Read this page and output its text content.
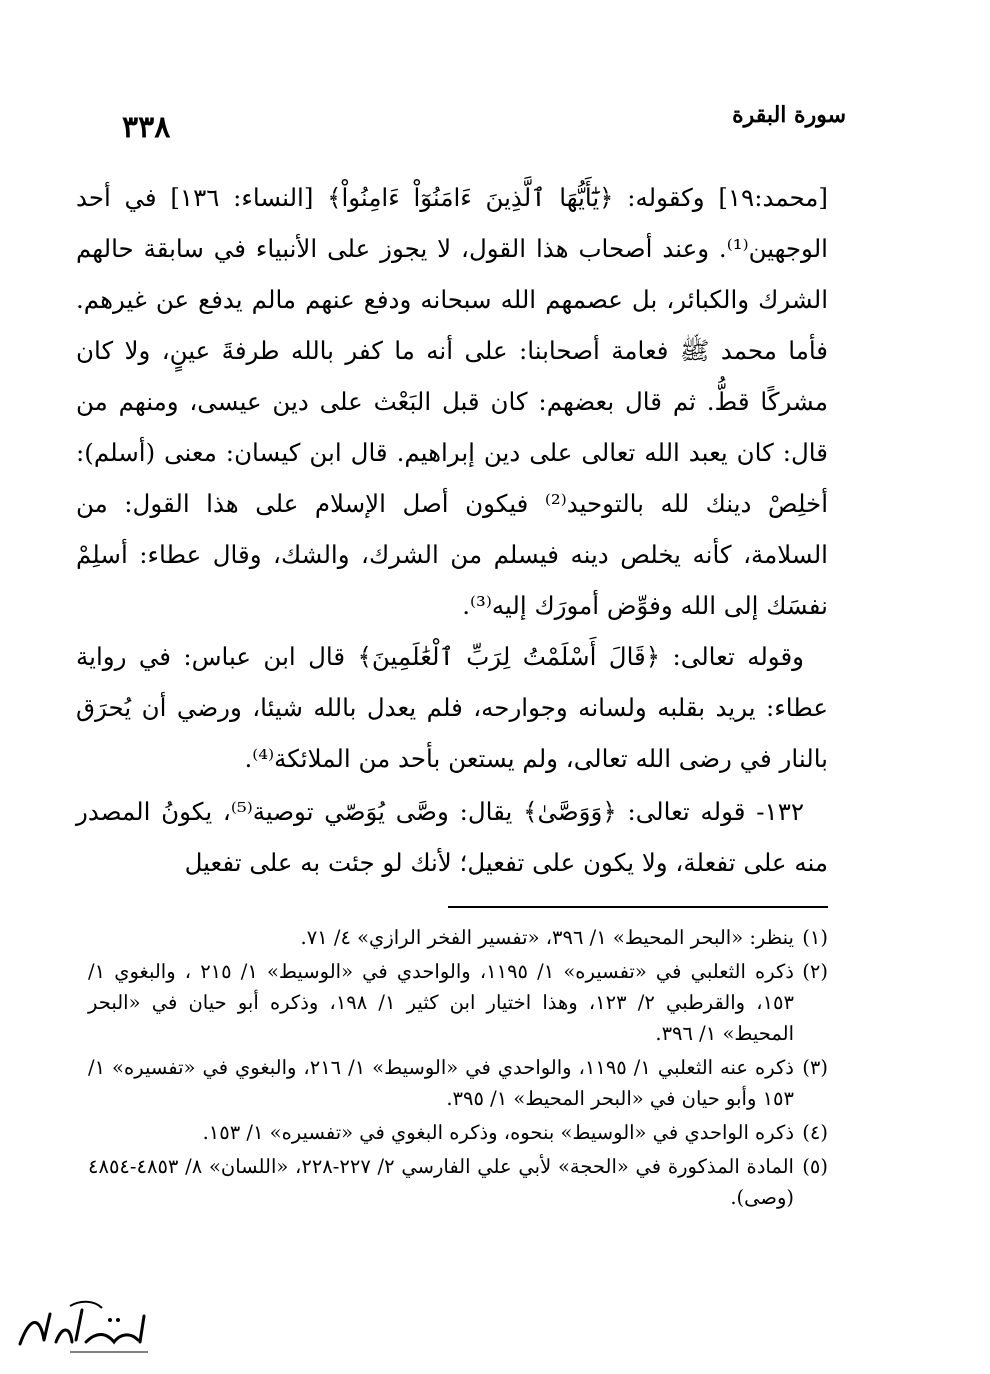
٣٣٨	سورة البقرة

[محمد:١٩] وكقوله: ﴿يَٰٓأَيُّهَا ٱلَّذِينَ ءَامَنُوٓاْ ءَامِنُواْ﴾ [النساء: ١٣٦] في أحد الوجهين⁽¹⁾. وعند أصحاب هذا القول، لا يجوز على الأنبياء في سابقة حالهم الشرك والكبائر، بل عصمهم الله سبحانه ودفع عنهم مالم يدفع عن غيرهم. فأما محمد ﷺ فعامة أصحابنا: على أنه ما كفر بالله طرفةَ عينٍ، ولا كان مشركًا قطُّ. ثم قال بعضهم: كان قبل البَعْث على دين عيسى، ومنهم من قال: كان يعبد الله تعالى على دين إبراهيم. قال ابن كيسان: معنى (أسلم): أخلِصْ دينك لله بالتوحيد⁽²⁾ فيكون أصل الإسلام على هذا القول: من السلامة، كأنه يخلص دينه فيسلم من الشرك، والشك، وقال عطاء: أسلِمْ نفسَك إلى الله وفوِّض أمورَك إليه⁽³⁾.

وقوله تعالى: ﴿قَالَ أَسْلَمْتُ لِرَبِّ ٱلْعَٰلَمِينَ﴾ قال ابن عباس: في رواية عطاء: يريد بقلبه ولسانه وجوارحه، فلم يعدل بالله شيئا، ورضي أن يُحرَق بالنار في رضى الله تعالى، ولم يستعن بأحد من الملائكة⁽⁴⁾.

١٣٢- قوله تعالى: ﴿وَوَصَّىٰ﴾ يقال: وصَّى يُوَصّي توصية⁽⁵⁾، يكونُ المصدر منه على تفعلة، ولا يكون على تفعيل؛ لأنك لو جئت به على تفعيل

(١)
ينظر: «البحر المحيط» ١/ ٣٩٦، «تفسير الفخر الرازي» ٤/ ٧١.
(٢)
ذكره الثعلبي في «تفسيره» ١/ ١١٩٥، والواحدي في «الوسيط» ١/ ٢١٥ ، والبغوي ١/ ١٥٣، والقرطبي ٢/ ١٢٣، وهذا اختيار ابن كثير ١/ ١٩٨، وذكره أبو حيان في «البحر المحيط» ١/ ٣٩٦.
(٣)
ذكره عنه الثعلبي ١/ ١١٩٥، والواحدي في «الوسيط» ١/ ٢١٦، والبغوي في «تفسيره» ١/ ١٥٣ وأبو حيان في «البحر المحيط» ١/ ٣٩٥.
(٤)
ذكره الواحدي في «الوسيط» بنحوه، وذكره البغوي في «تفسيره» ١/ ١٥٣.
(٥)
المادة المذكورة في «الحجة» لأبي علي الفارسي ٢/ ٢٢٧-٢٢٨، «اللسان» ٨/ ٤٨٥٣-٤٨٥٤ (وصى).
